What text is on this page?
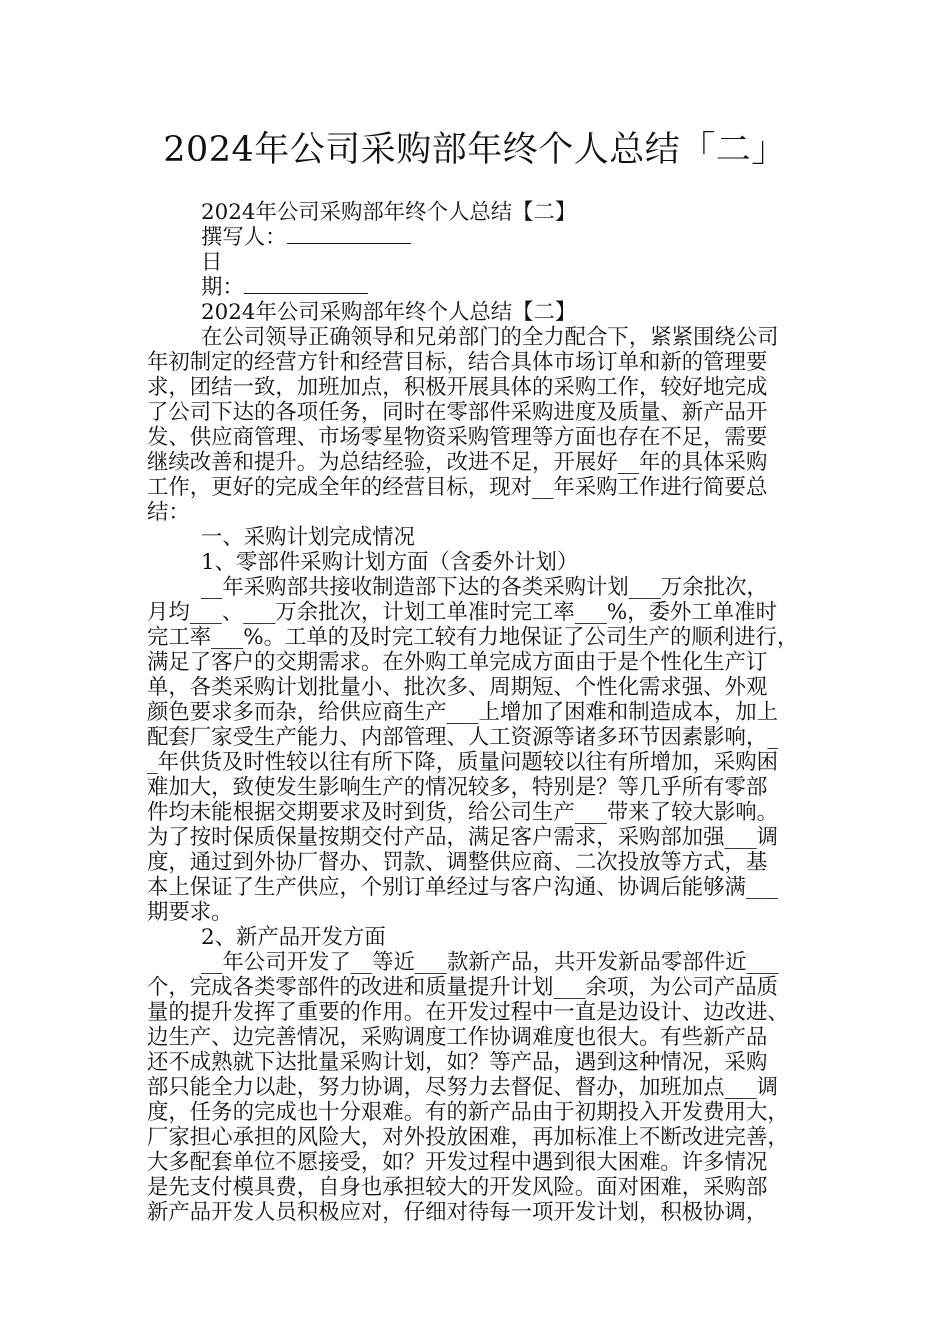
2024年公司采购部年终个人总结「二」
2024年公司采购部年终个人总结【二】
撰写人：
日
期：
2024年公司采购部年终个人总结【二】
在公司领导正确领导和兄弟部门的全力配合下，紧紧围绕公司
年初制定的经营方针和经营目标，结合具体市场订单和新的管理要
求，团结一致，加班加点，积极开展具体的采购工作，较好地完成
了公司下达的各项任务，同时在零部件采购进度及质量、新产品开
发、供应商管理、市场零星物资采购管理等方面也存在不足，需要
继续改善和提升。为总结经验，改进不足，开展好__年的具体采购
工作，更好的完成全年的经营目标，现对__年采购工作进行简要总
结：
一、采购计划完成情况
1、零部件采购计划方面（含委外计划）
__年采购部共接收制造部下达的各类采购计划___万余批次，
月均___、___万余批次，计划工单准时完工率___%，委外工单准时
完工率___%。工单的及时完工较有力地保证了公司生产的顺利进行，
满足了客户的交期需求。在外购工单完成方面由于是个性化生产订
单，各类采购计划批量小、批次多、周期短、个性化需求强、外观
颜色要求多而杂，给供应商生产___上增加了困难和制造成本，加上
配套厂家受生产能力、内部管理、人工资源等诸多环节因素影响，_
_年供货及时性较以往有所下降，质量问题较以往有所增加，采购困
难加大，致使发生影响生产的情况较多，特别是？等几乎所有零部
件均未能根据交期要求及时到货，给公司生产___带来了较大影响。
为了按时保质保量按期交付产品，满足客户需求，采购部加强___调
度，通过到外协厂督办、罚款、调整供应商、二次投放等方式，基
本上保证了生产供应，个别订单经过与客户沟通、协调后能够满___
期要求。
2、新产品开发方面
__年公司开发了__等近___款新产品，共开发新品零部件近___
个，完成各类零部件的改进和质量提升计划___余项，为公司产品质
量的提升发挥了重要的作用。在开发过程中一直是边设计、边改进、
边生产、边完善情况，采购调度工作协调难度也很大。有些新产品
还不成熟就下达批量采购计划，如？等产品，遇到这种情况，采购
部只能全力以赴，努力协调，尽努力去督促、督办，加班加点___调
度，任务的完成也十分艰难。有的新产品由于初期投入开发费用大，
厂家担心承担的风险大，对外投放困难，再加标准上不断改进完善，
大多配套单位不愿接受，如？开发过程中遇到很大困难。许多情况
是先支付模具费，自身也承担较大的开发风险。面对困难，采购部
新产品开发人员积极应对，仔细对待每一项开发计划，积极协调，
